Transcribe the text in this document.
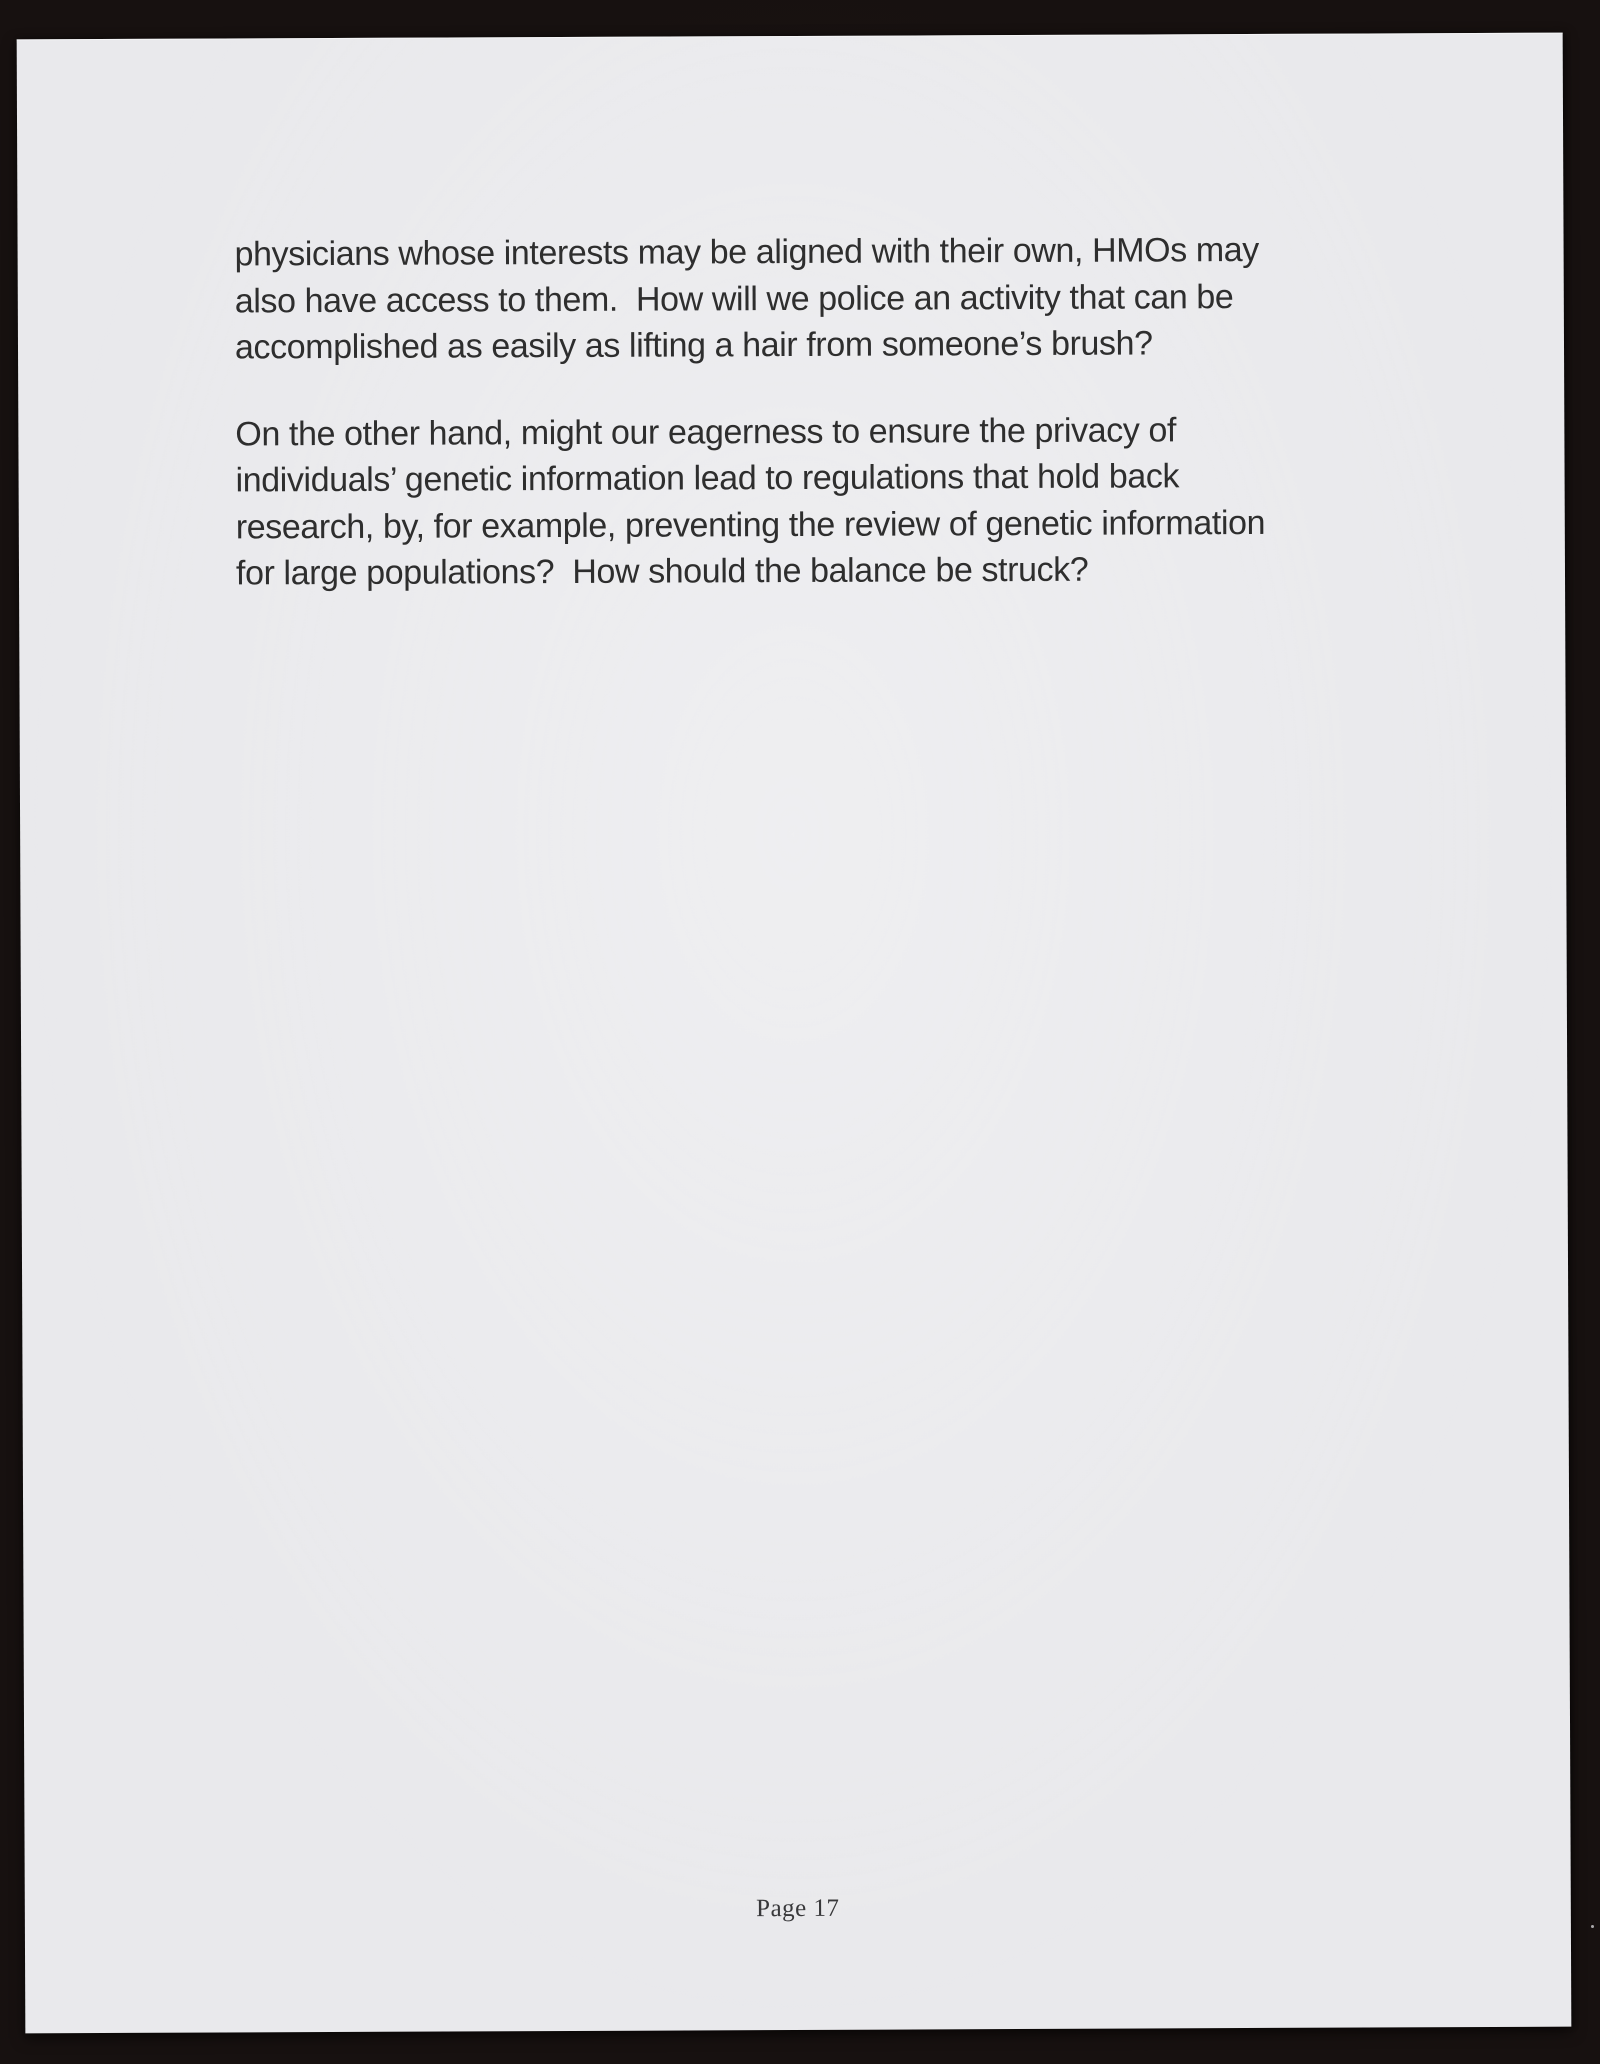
physicians whose interests may be aligned with their own, HMOs may
also have access to them.  How will we police an activity that can be
accomplished as easily as lifting a hair from someone’s brush?
On the other hand, might our eagerness to ensure the privacy of
individuals’ genetic information lead to regulations that hold back
research, by, for example, preventing the review of genetic information
for large populations?  How should the balance be struck?
Page 17
